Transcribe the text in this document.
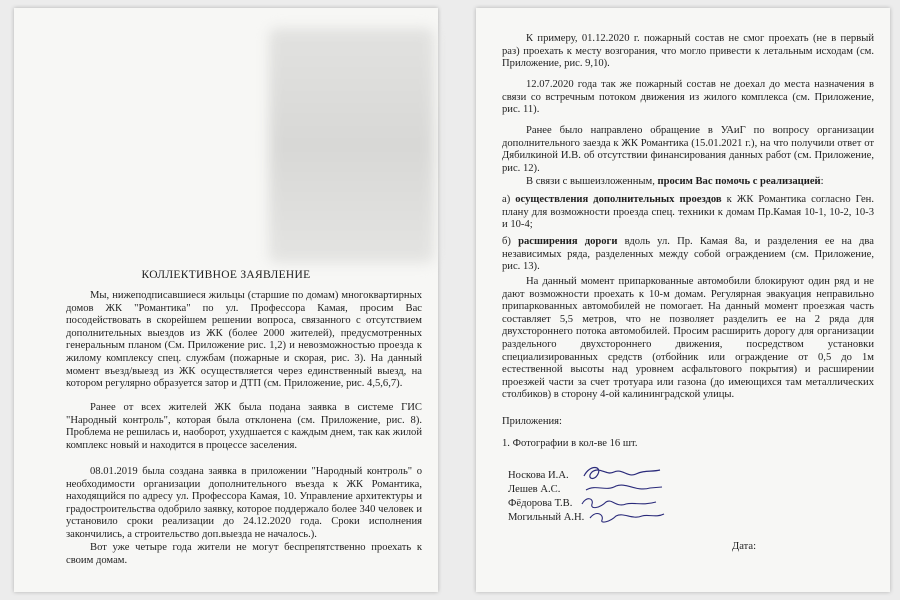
КОЛЛЕКТИВНОЕ ЗАЯВЛЕНИЕ

Мы, нижеподписавшиеся жильцы (старшие по домам) многоквартирных домов ЖК "Романтика" по ул. Профессора Камая, просим Вас посодействовать в скорейшем решении вопроса, связанного с отсутствием дополнительных выездов из ЖК (более 2000 жителей), предусмотренных генеральным планом (См. Приложение рис. 1,2) и невозможностью проезда к жилому комплексу спец. службам (пожарные и скорая, рис. 3). На данный момент въезд/выезд из ЖК осуществляется через единственный выезд, на котором регулярно образуется затор и ДТП (см. Приложение, рис. 4,5,6,7).

Ранее от всех жителей ЖК была подана заявка в системе ГИС "Народный контроль", которая была отклонена (см. Приложение, рис. 8). Проблема не решилась и, наоборот, ухудшается с каждым днем, так как жилой комплекс новый и находится в процессе заселения.

08.01.2019 была создана заявка в приложении "Народный контроль" о необходимости организации дополнительного въезда к ЖК Романтика, находящийся по адресу ул. Профессора Камая, 10. Управление архитектуры и градостроительства одобрило заявку, которое поддержало более 340 человек и установило сроки реализации до 24.12.2020 года. Сроки исполнения закончились, а строительство доп.выезда не началось.).

Вот уже четыре года жители не могут беспрепятственно проехать к своим домам.

К примеру, 01.12.2020 г. пожарный состав не смог проехать (не в первый раз) проехать к месту возгорания, что могло привести к летальным исходам (см. Приложение, рис. 9,10).

12.07.2020 года так же пожарный состав не доехал до места назначения в связи со встречным потоком движения из жилого комплекса (см. Приложение, рис. 11).

Ранее было направлено обращение в УАиГ по вопросу организации дополнительного заезда к ЖК Романтика (15.01.2021 г.), на что получили ответ от Дябилкиной И.В. об отсутствии финансирования данных работ (см. Приложение, рис. 12).

В связи с вышеизложенным, просим Вас помочь с реализацией:

а) осуществления дополнительных проездов к ЖК Романтика согласно Ген. плану для возможности проезда спец. техники к домам Пр.Камая 10-1, 10-2, 10-3 и 10-4;

б) расширения дороги вдоль ул. Пр. Камая 8а, и разделения ее на два независимых ряда, разделенных между собой ограждением (см. Приложение, рис. 13).

На данный момент припаркованные автомобили блокируют один ряд и не дают возможности проехать к 10-м домам. Регулярная эвакуация неправильно припаркованных автомобилей не помогает. На данный момент проезжая часть составляет 5,5 метров, что не позволяет разделить ее на 2 ряда для двухстороннего потока автомобилей. Просим расширить дорогу для организации раздельного двухстороннего движения, посредством установки специализированных средств (отбойник или ограждение от 0,5 до 1м естественной высоты над уровнем асфальтового покрытия) и расширении проезжей части за счет тротуара или газона (до имеющихся там металлических столбиков) в сторону 4-ой калининградской улицы.

Приложения:

1. Фотографии в кол-ве 16 шт.

Носкова И.А.
Лешев А.С.
Фёдорова Т.В.
Могильный А.Н.
Дата:
